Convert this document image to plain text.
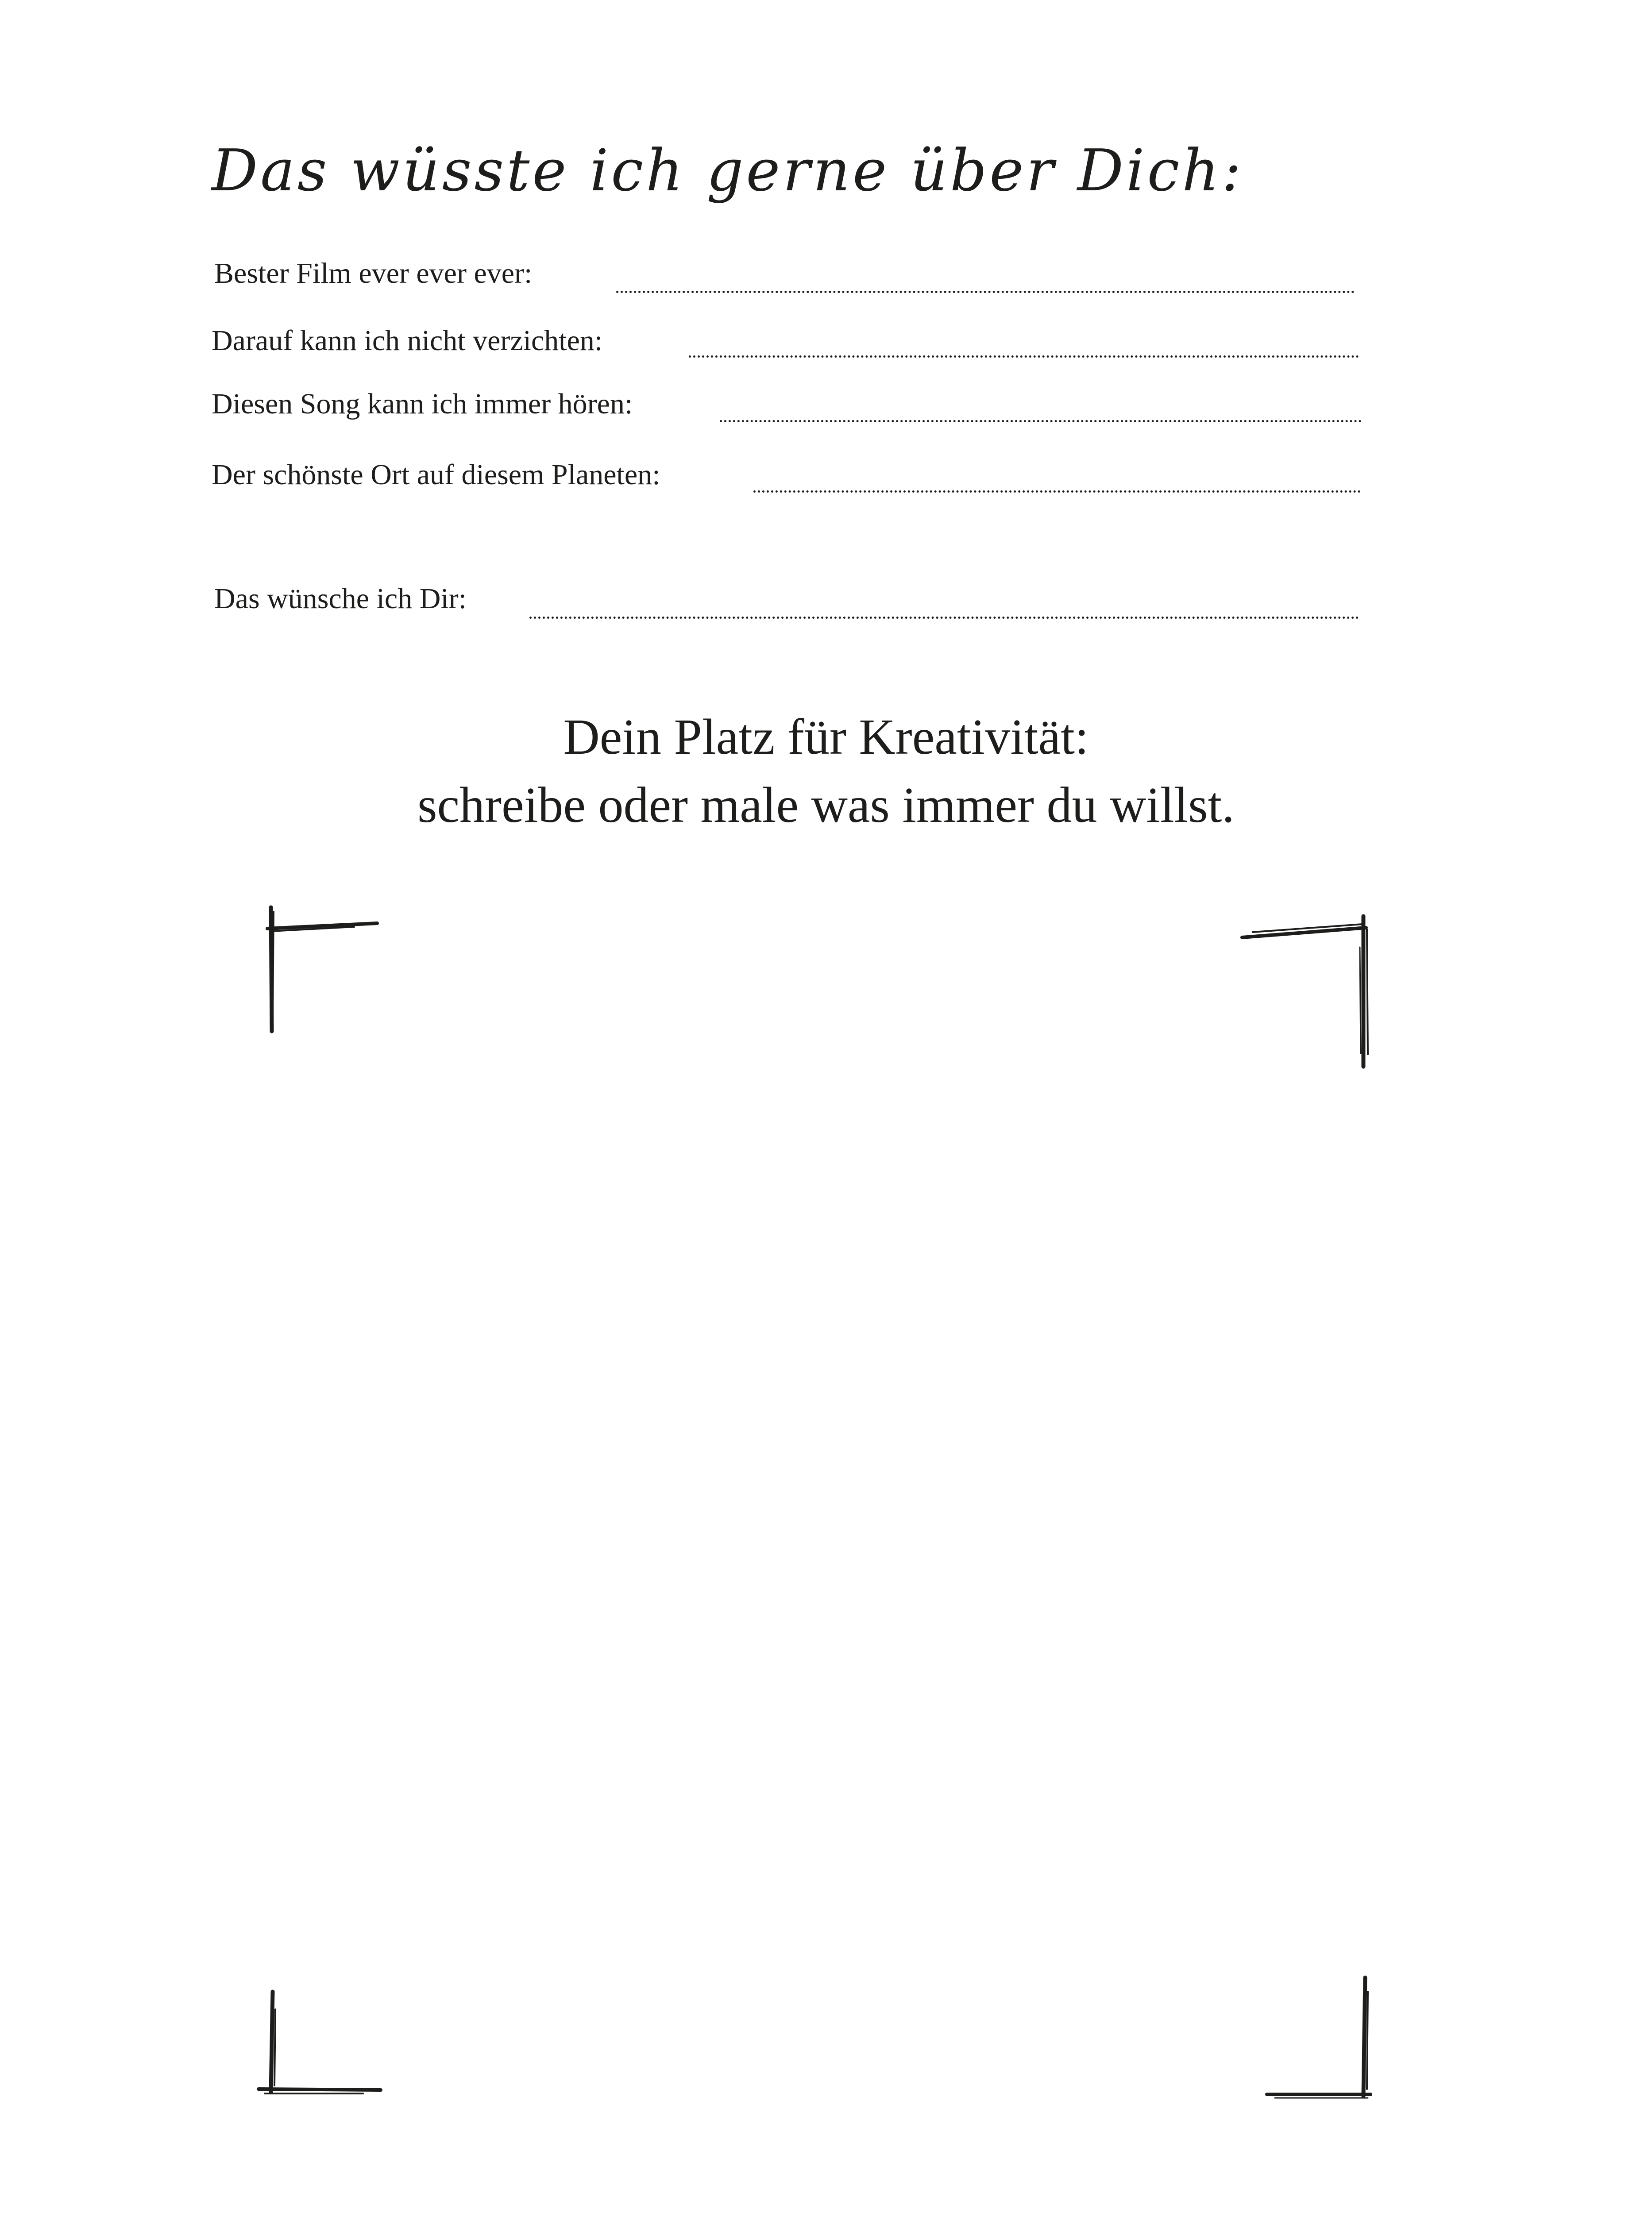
Das wüsste ich gerne über Dich:
Bester Film ever ever ever:
Darauf kann ich nicht verzichten:
Diesen Song kann ich immer hören:
Der schönste Ort auf diesem Planeten:
Das wünsche ich Dir:
Dein Platz für Kreativität:
schreibe oder male was immer du willst.
